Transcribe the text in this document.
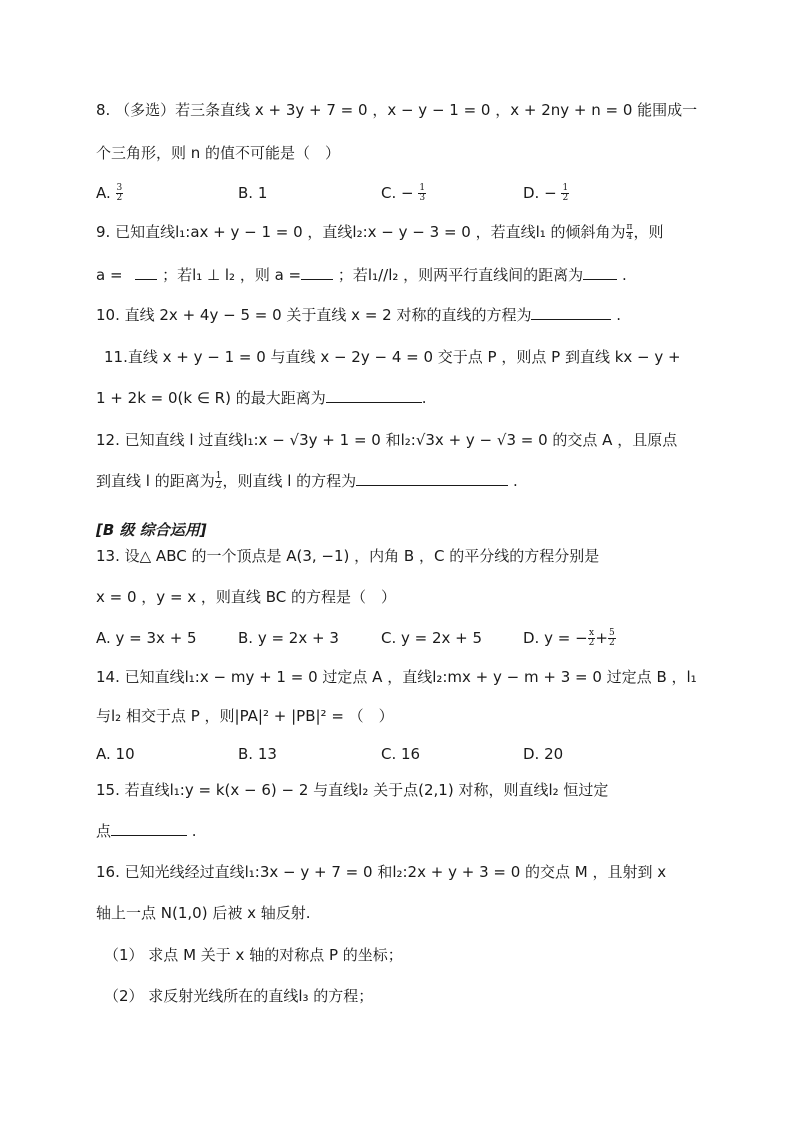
8. （多选）若三条直线 x + 3y + 7 = 0 ，x − y − 1 = 0 ，x + 2ny + n = 0 能围成一
个三角形，则 n 的值不可能是（　）
A. $\frac{3}{2}$	B. 1	C. − $\frac{1}{3}$	D. − $\frac{1}{2}$
9. 已知直线l₁:ax + y − 1 = 0 ，直线l₂:x − y − 3 = 0 ，若直线l₁ 的倾斜角为 $\frac{\pi}{4}$ ，则
a =	；若l₁ ⊥ l₂ ，则 a = ；若l₁//l₂ ，则两平行直线间的距离为	.
10. 直线 2x + 4y − 5 = 0 关于直线 x = 2 对称的直线的方程为	.
11.直线 x + y − 1 = 0 与直线 x − 2y − 4 = 0 交于点 P ，则点 P 到直线 kx − y +
1 + 2k = 0(k ∈ R) 的最大距离为	.
12. 已知直线 l 过直线l₁:x − √3y + 1 = 0 和l₂:√3x + y − √3 = 0 的交点 A ，且原点
到直线 l 的距离为 $\frac{1}{2}$ ，则直线 l 的方程为	.
[B 级 综合运用]
13. 设△ ABC 的一个顶点是 A(3, −1) ，内角 B ，C 的平分线的方程分别是
x = 0 ，y = x ，则直线 BC 的方程是（　）
A. y = 3x + 5	B. y = 2x + 3	C. y = 2x + 5	D. y = − $\frac{x}{2} + \frac{5}{2}$
14. 已知直线l₁:x − my + 1 = 0 过定点 A ，直线l₂:mx + y − m + 3 = 0 过定点 B ，l₁
与l₂ 相交于点 P ，则|PA|² + |PB|² = （　）
A. 10	B. 13	C. 16	D. 20
15. 若直线l₁:y = k(x − 6) − 2 与直线l₂ 关于点(2,1) 对称，则直线l₂ 恒过定
点	.
16. 已知光线经过直线l₁:3x − y + 7 = 0 和l₂:2x + y + 3 = 0 的交点 M ，且射到 x
轴上一点 N(1,0) 后被 x 轴反射.
（1） 求点 M 关于 x 轴的对称点 P 的坐标；
（2） 求反射光线所在的直线l₃ 的方程；
